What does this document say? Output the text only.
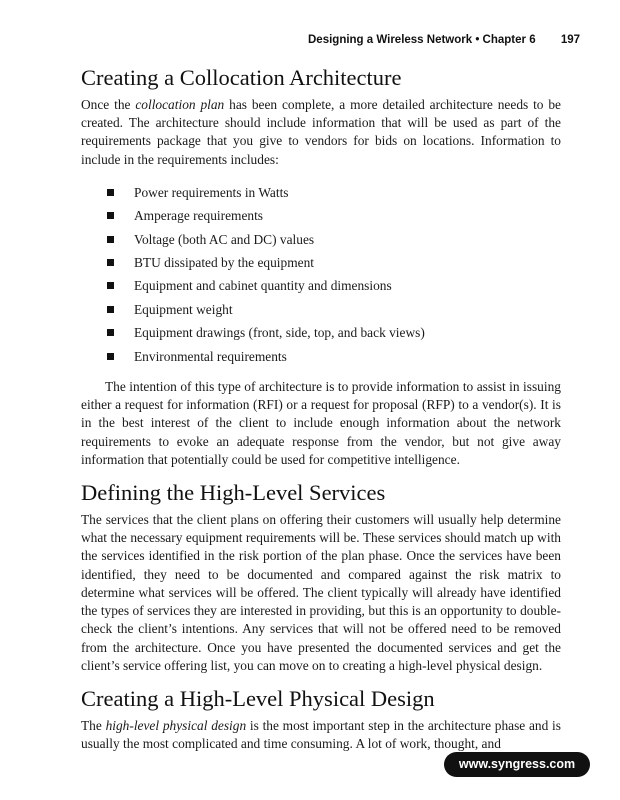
Designing a Wireless Network • Chapter 6 197
Creating a Collocation Architecture

Once the collocation plan has been complete, a more detailed architecture needs to be created. The architecture should include information that will be used as part of the requirements package that you give to vendors for bids on locations. Information to include in the requirements includes:

Power requirements in Watts
Amperage requirements
Voltage (both AC and DC) values
BTU dissipated by the equipment
Equipment and cabinet quantity and dimensions
Equipment weight
Equipment drawings (front, side, top, and back views)
Environmental requirements

The intention of this type of architecture is to provide information to assist in issuing either a request for information (RFI) or a request for proposal (RFP) to a vendor(s). It is in the best interest of the client to include enough information about the network requirements to evoke an adequate response from the vendor, but not give away information that potentially could be used for competitive intelligence.

Defining the High-Level Services

The services that the client plans on offering their customers will usually help determine what the necessary equipment requirements will be. These services should match up with the services identified in the risk portion of the plan phase. Once the services have been identified, they need to be documented and compared against the risk matrix to determine what services will be offered. The client typically will already have identified the types of services they are interested in providing, but this is an opportunity to double-check the client’s intentions. Any services that will not be offered need to be removed from the architecture. Once you have presented the documented services and get the client’s service offering list, you can move on to creating a high-level physical design.

Creating a High-Level Physical Design

The high-level physical design is the most important step in the architecture phase and is usually the most complicated and time consuming. A lot of work, thought, and

www.syngress.com
